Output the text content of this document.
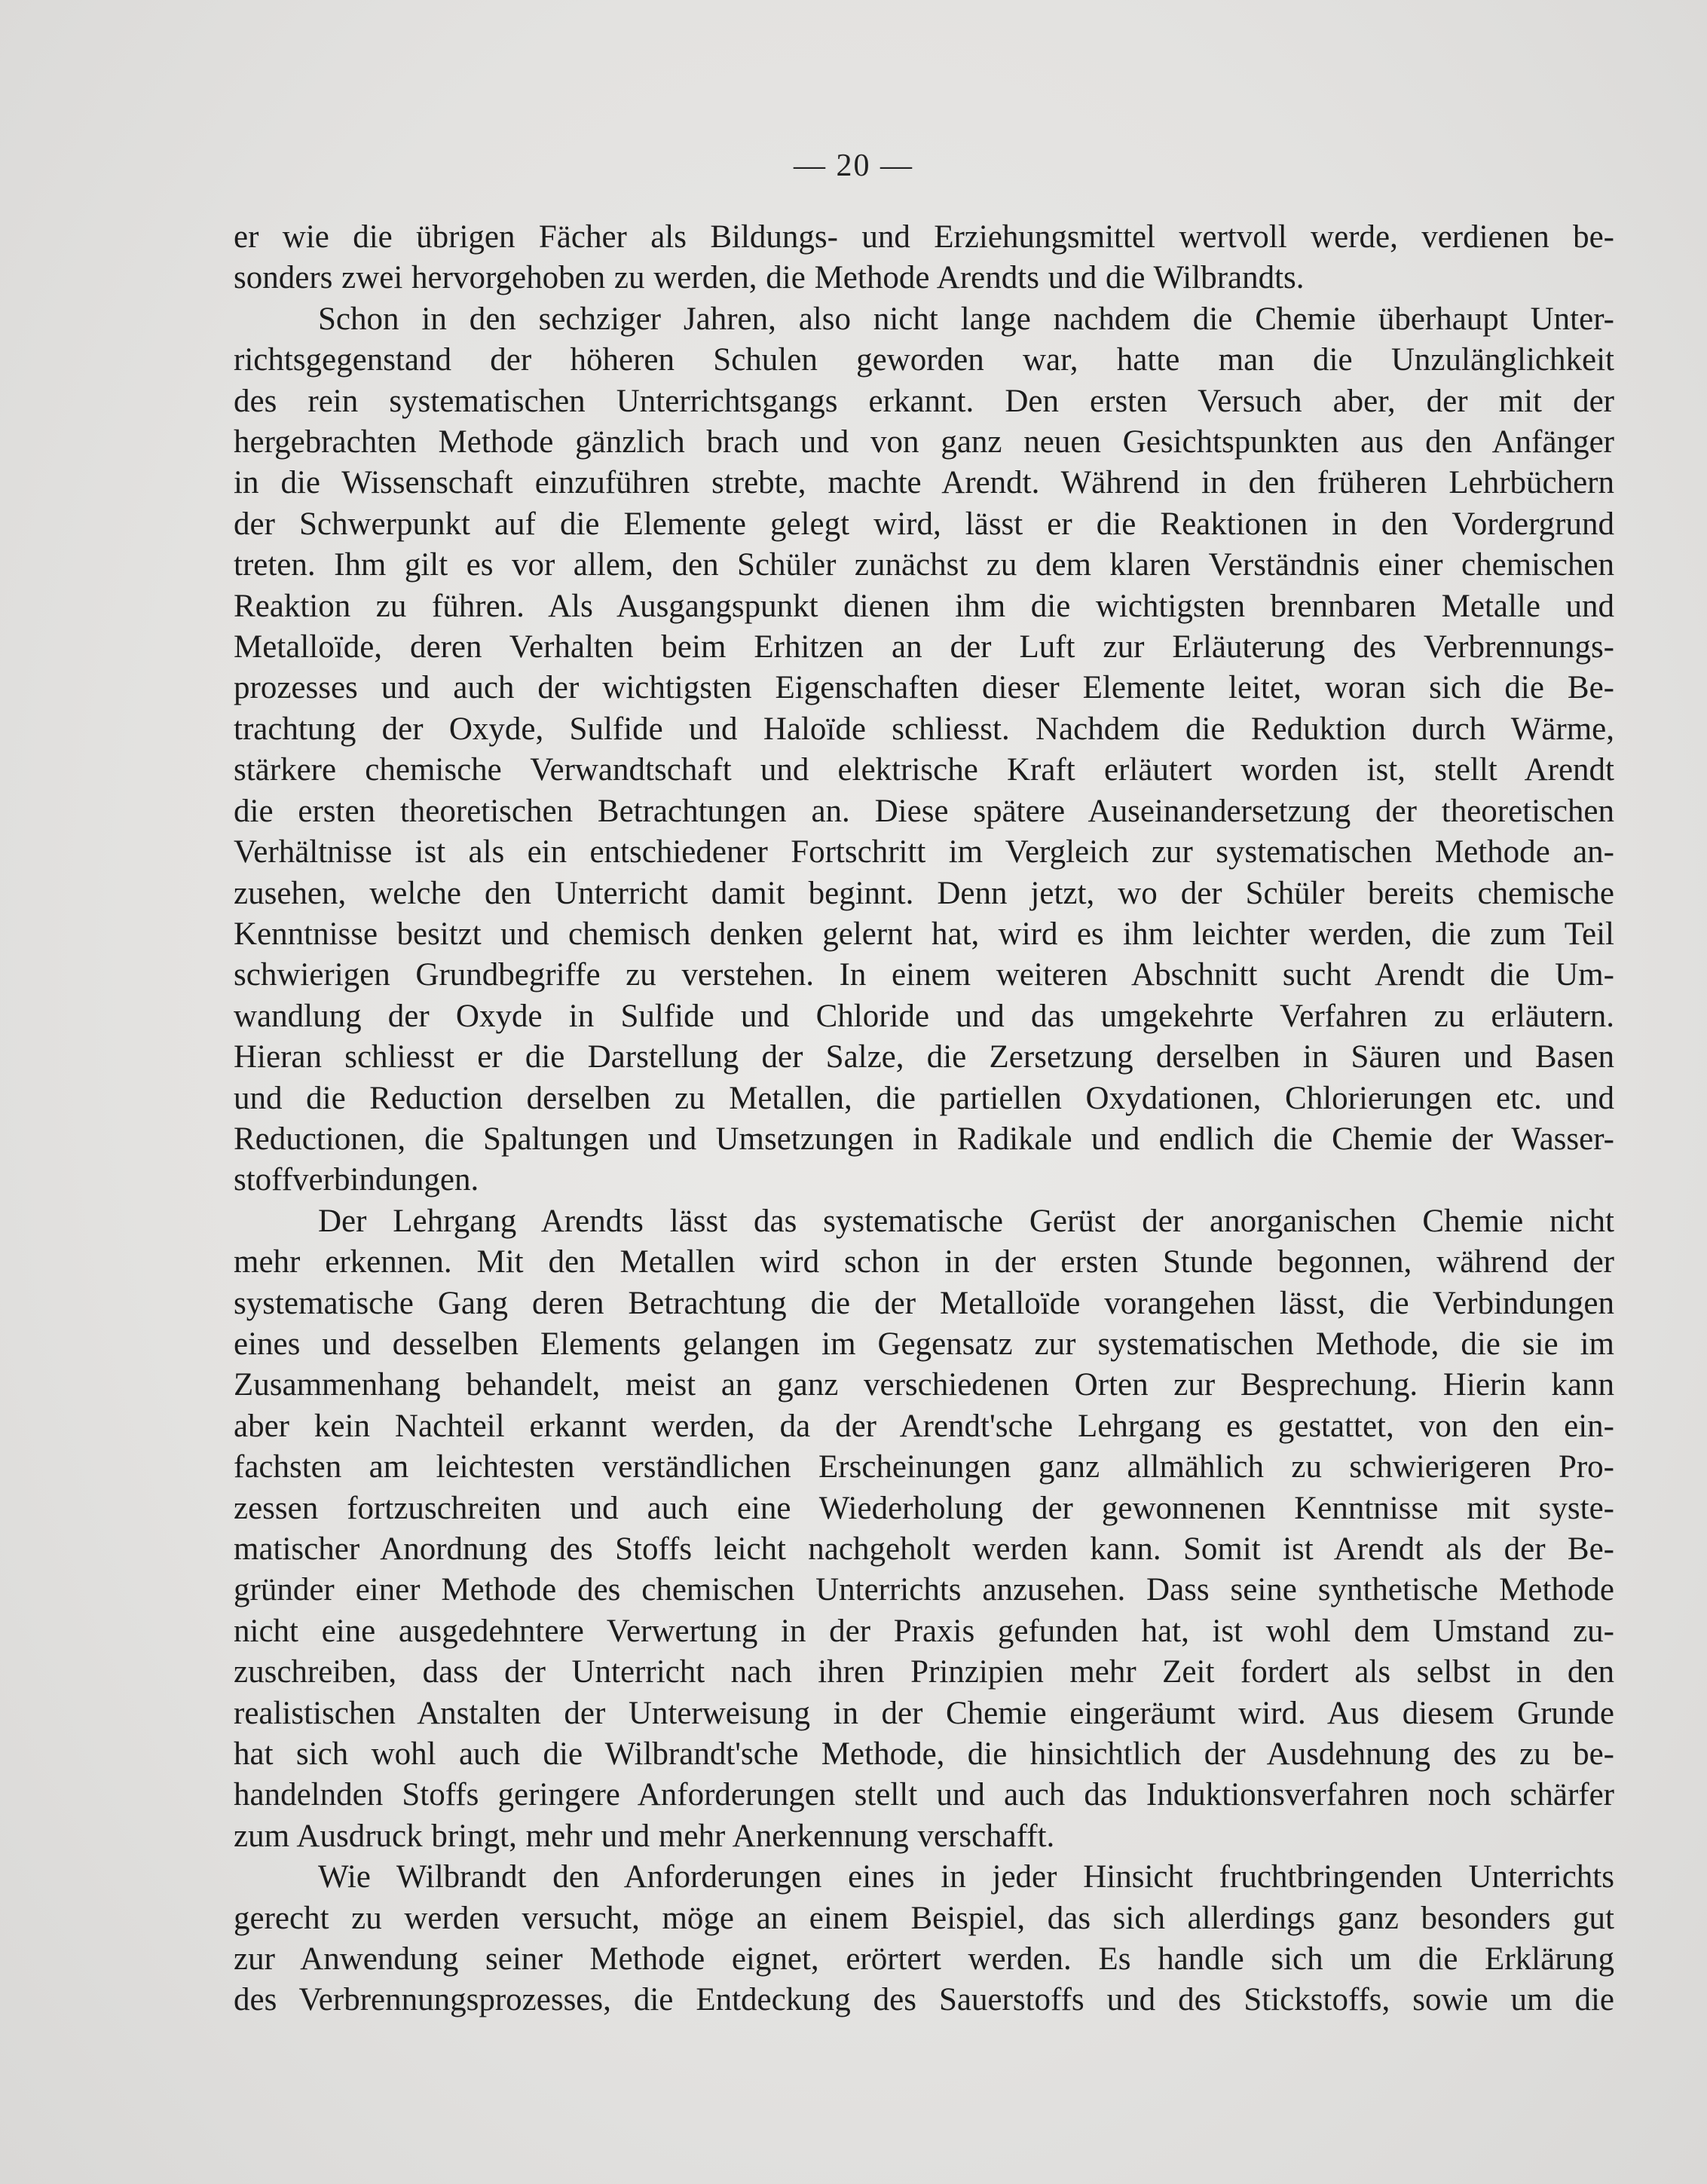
— 20 —

er wie die übrigen Fächer als Bildungs- und Erziehungsmittel wertvoll werde, verdienen be-
sonders zwei hervorgehoben zu werden, die Methode Arendts und die Wilbrandts.

Schon in den sechziger Jahren, also nicht lange nachdem die Chemie überhaupt Unter-
richtsgegenstand der höheren Schulen geworden war, hatte man die Unzulänglichkeit
des rein systematischen Unterrichtsgangs erkannt. Den ersten Versuch aber, der mit der
hergebrachten Methode gänzlich brach und von ganz neuen Gesichtspunkten aus den Anfänger
in die Wissenschaft einzuführen strebte, machte Arendt. Während in den früheren Lehrbüchern
der Schwerpunkt auf die Elemente gelegt wird, lässt er die Reaktionen in den Vordergrund
treten. Ihm gilt es vor allem, den Schüler zunächst zu dem klaren Verständnis einer chemischen
Reaktion zu führen. Als Ausgangspunkt dienen ihm die wichtigsten brennbaren Metalle und
Metalloïde, deren Verhalten beim Erhitzen an der Luft zur Erläuterung des Verbrennungs-
prozesses und auch der wichtigsten Eigenschaften dieser Elemente leitet, woran sich die Be-
trachtung der Oxyde, Sulfide und Haloïde schliesst. Nachdem die Reduktion durch Wärme,
stärkere chemische Verwandtschaft und elektrische Kraft erläutert worden ist, stellt Arendt
die ersten theoretischen Betrachtungen an. Diese spätere Auseinandersetzung der theoretischen
Verhältnisse ist als ein entschiedener Fortschritt im Vergleich zur systematischen Methode an-
zusehen, welche den Unterricht damit beginnt. Denn jetzt, wo der Schüler bereits chemische
Kenntnisse besitzt und chemisch denken gelernt hat, wird es ihm leichter werden, die zum Teil
schwierigen Grundbegriffe zu verstehen. In einem weiteren Abschnitt sucht Arendt die Um-
wandlung der Oxyde in Sulfide und Chloride und das umgekehrte Verfahren zu erläutern.
Hieran schliesst er die Darstellung der Salze, die Zersetzung derselben in Säuren und Basen
und die Reduction derselben zu Metallen, die partiellen Oxydationen, Chlorierungen etc. und
Reductionen, die Spaltungen und Umsetzungen in Radikale und endlich die Chemie der Wasser-
stoffverbindungen.

Der Lehrgang Arendts lässt das systematische Gerüst der anorganischen Chemie nicht
mehr erkennen. Mit den Metallen wird schon in der ersten Stunde begonnen, während der
systematische Gang deren Betrachtung die der Metalloïde vorangehen lässt, die Verbindungen
eines und desselben Elements gelangen im Gegensatz zur systematischen Methode, die sie im
Zusammenhang behandelt, meist an ganz verschiedenen Orten zur Besprechung. Hierin kann
aber kein Nachteil erkannt werden, da der Arendt'sche Lehrgang es gestattet, von den ein-
fachsten am leichtesten verständlichen Erscheinungen ganz allmählich zu schwierigeren Pro-
zessen fortzuschreiten und auch eine Wiederholung der gewonnenen Kenntnisse mit syste-
matischer Anordnung des Stoffs leicht nachgeholt werden kann. Somit ist Arendt als der Be-
gründer einer Methode des chemischen Unterrichts anzusehen. Dass seine synthetische Methode
nicht eine ausgedehntere Verwertung in der Praxis gefunden hat, ist wohl dem Umstand zu-
zuschreiben, dass der Unterricht nach ihren Prinzipien mehr Zeit fordert als selbst in den
realistischen Anstalten der Unterweisung in der Chemie eingeräumt wird. Aus diesem Grunde
hat sich wohl auch die Wilbrandt'sche Methode, die hinsichtlich der Ausdehnung des zu be-
handelnden Stoffs geringere Anforderungen stellt und auch das Induktionsverfahren noch schärfer
zum Ausdruck bringt, mehr und mehr Anerkennung verschafft.

Wie Wilbrandt den Anforderungen eines in jeder Hinsicht fruchtbringenden Unterrichts
gerecht zu werden versucht, möge an einem Beispiel, das sich allerdings ganz besonders gut
zur Anwendung seiner Methode eignet, erörtert werden. Es handle sich um die Erklärung
des Verbrennungsprozesses, die Entdeckung des Sauerstoffs und des Stickstoffs, sowie um die
